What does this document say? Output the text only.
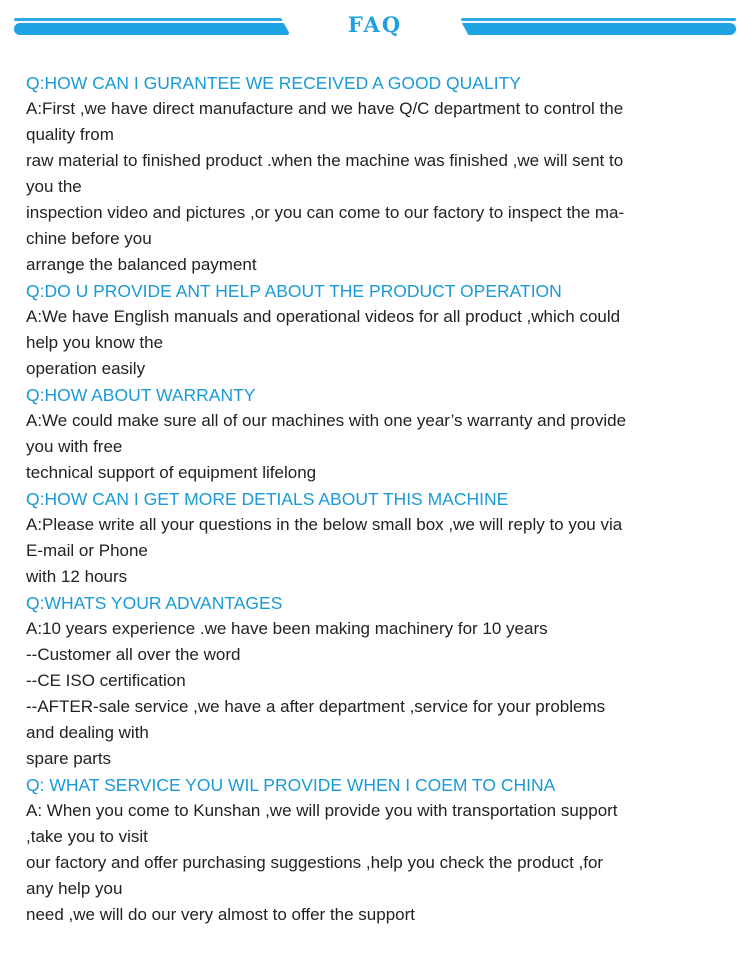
FAQ

Q:HOW CAN I GURANTEE WE RECEIVED A GOOD QUALITY

A:First ,we have direct manufacture and we have Q/C department to control the

quality from

raw material to finished product .when the machine was finished ,we will sent to

you the

inspection video and pictures ,or you can come to our factory to inspect the ma-

chine before you

arrange the balanced payment

Q:DO U PROVIDE ANT HELP ABOUT THE PRODUCT OPERATION

A:We have English manuals and operational videos for all product ,which could

help you know the

operation easily

Q:HOW ABOUT WARRANTY

A:We could make sure all of our machines with one year’s warranty and provide

you with free

technical support of equipment lifelong

Q:HOW CAN I GET MORE DETIALS ABOUT THIS MACHINE

A:Please write all your questions in the below small box ,we will reply to you via

E-mail or Phone

with 12 hours

Q:WHATS YOUR ADVANTAGES

A:10 years experience .we have been making machinery for 10 years

--Customer all over the word

--CE ISO certification

--AFTER-sale service ,we have a after department ,service for your problems

and dealing with

spare parts

Q: WHAT SERVICE YOU WIL PROVIDE WHEN I COEM TO CHINA

A: When you come to Kunshan ,we will provide you with transportation support

,take you to visit

our factory and offer purchasing suggestions ,help you check the product ,for

any help you

need ,we will do our very almost to offer the support
